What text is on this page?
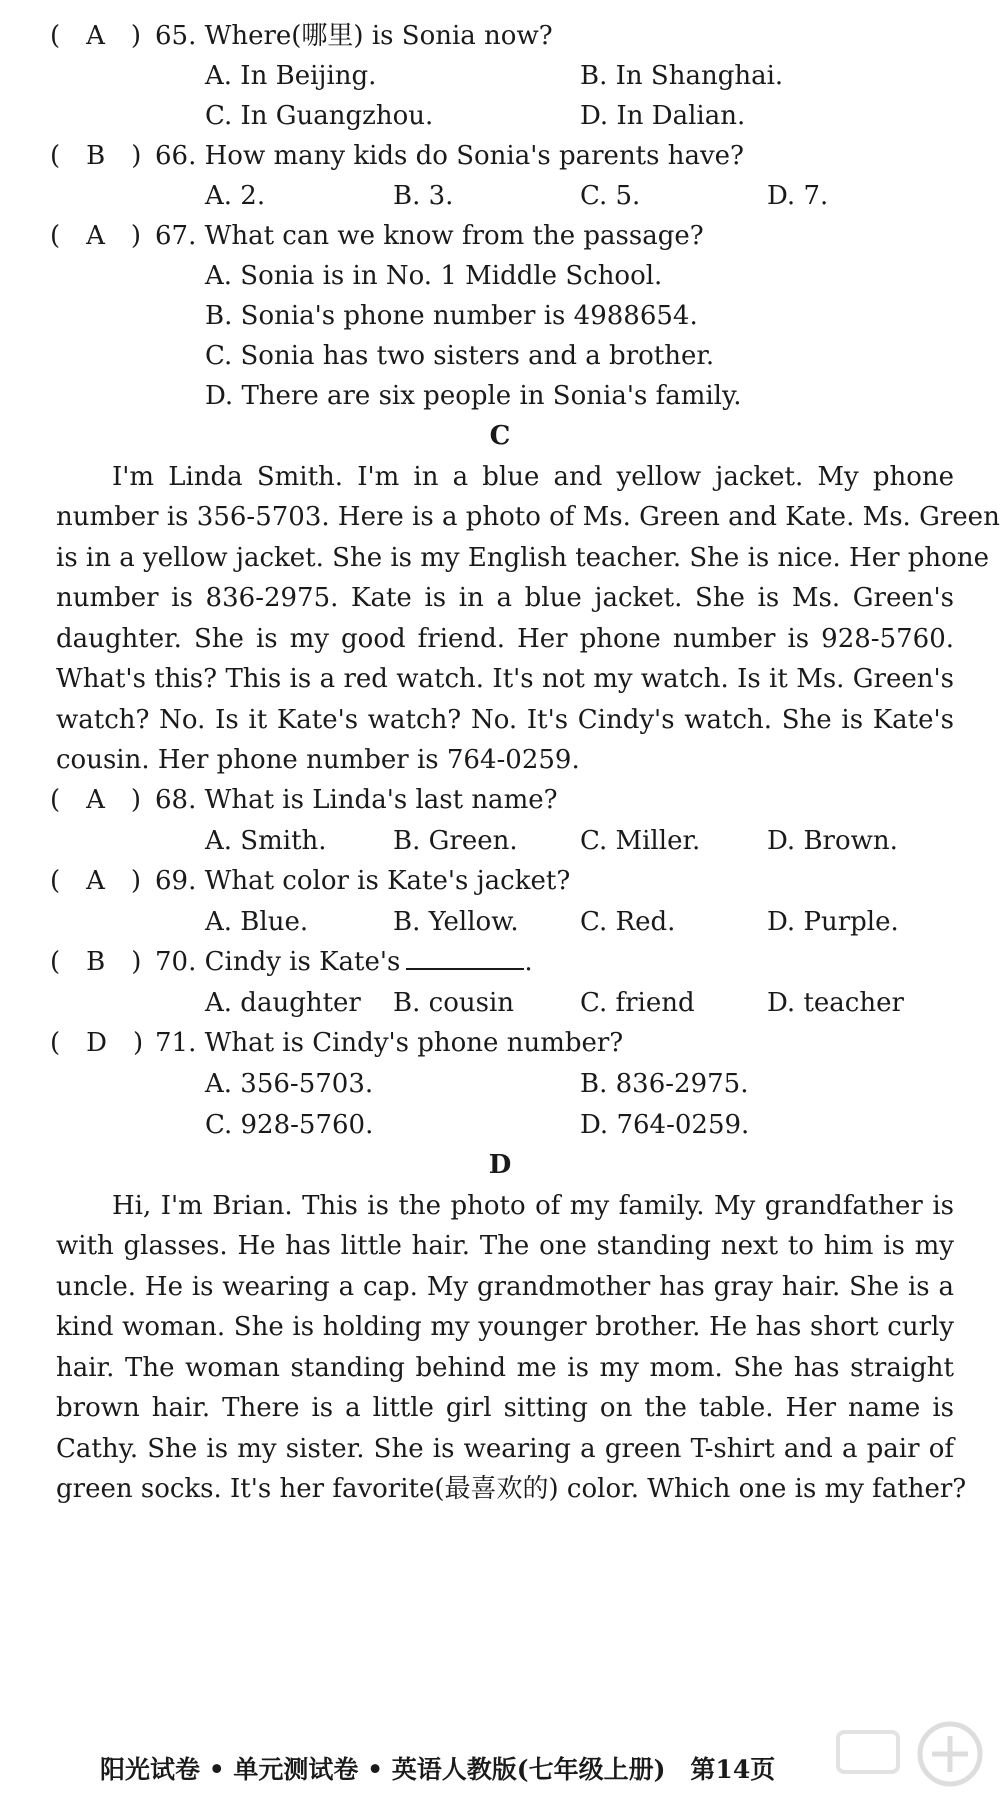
(　A　) 65. Where(哪里) is Sonia now?
A. In Beijing.	B. In Shanghai.
C. In Guangzhou.	D. In Dalian.
(　B　) 66. How many kids do Sonia's parents have?
A. 2.	B. 3.	C. 5.	D. 7.
(　A　) 67. What can we know from the passage?
A. Sonia is in No. 1 Middle School.
B. Sonia's phone number is 4988654.
C. Sonia has two sisters and a brother.
D. There are six people in Sonia's family.
C
I'm Linda Smith. I'm in a blue and yellow jacket. My phone
number is 356-5703. Here is a photo of Ms. Green and Kate. Ms. Green
is in a yellow jacket. She is my English teacher. She is nice. Her phone
number is 836-2975. Kate is in a blue jacket. She is Ms. Green's
daughter. She is my good friend. Her phone number is 928-5760.
What's this? This is a red watch. It's not my watch. Is it Ms. Green's
watch? No. Is it Kate's watch? No. It's Cindy's watch. She is Kate's
cousin. Her phone number is 764-0259.
(　A　) 68. What is Linda's last name?
A. Smith.	B. Green. C. Miller.	D. Brown.
(　A　) 69. What color is Kate's jacket?
A. Blue.	B. Yellow. C. Red.	D. Purple.
(　B　) 70. Cindy is Kate's	.
A. daughter B. cousin	C. friend	D. teacher
(　D　) 71. What is Cindy's phone number?
A. 356-5703.	B. 836-2975.
C. 928-5760.	D. 764-0259.
D
Hi, I'm Brian. This is the photo of my family. My grandfather is
with glasses. He has little hair. The one standing next to him is my
uncle. He is wearing a cap. My grandmother has gray hair. She is a
kind woman. She is holding my younger brother. He has short curly
hair. The woman standing behind me is my mom. She has straight
brown hair. There is a little girl sitting on the table. Her name is
Cathy. She is my sister. She is wearing a green T-shirt and a pair of
green socks. It's her favorite(最喜欢的) color. Which one is my father?
阳光试卷 • 单元测试卷 • 英语人教版(七年级上册)　第14页
